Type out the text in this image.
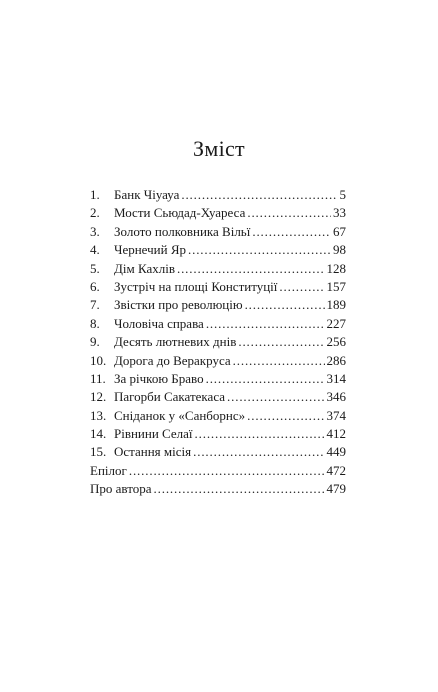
Зміст
1.	Банк Чіуауа . . .	5
2.	Мости Сьюдад-Хуареса . . .	33
3.	Золото полковника Вільї . . .	67
4.	Чернечий Яр . . .	98
5.	Дім Кахлів . . .	128
6.	Зустріч на площі Конституції . . .	157
7.	Звістки про революцію . . .	189
8.	Чоловіча справа . . .	227
9.	Десять лютневих днів . . .	256
10. Дорога до Веракруса . . .	286
11. За річкою Браво . . .	314
12. Пагорби Сакатекаса . . .	346
13. Сніданок у «Санборнс» . . .	374
14. Рівнини Селаї . . .	412
15. Остання місія . . .	449
Епілог . . .	472
Про автора . . .	479
